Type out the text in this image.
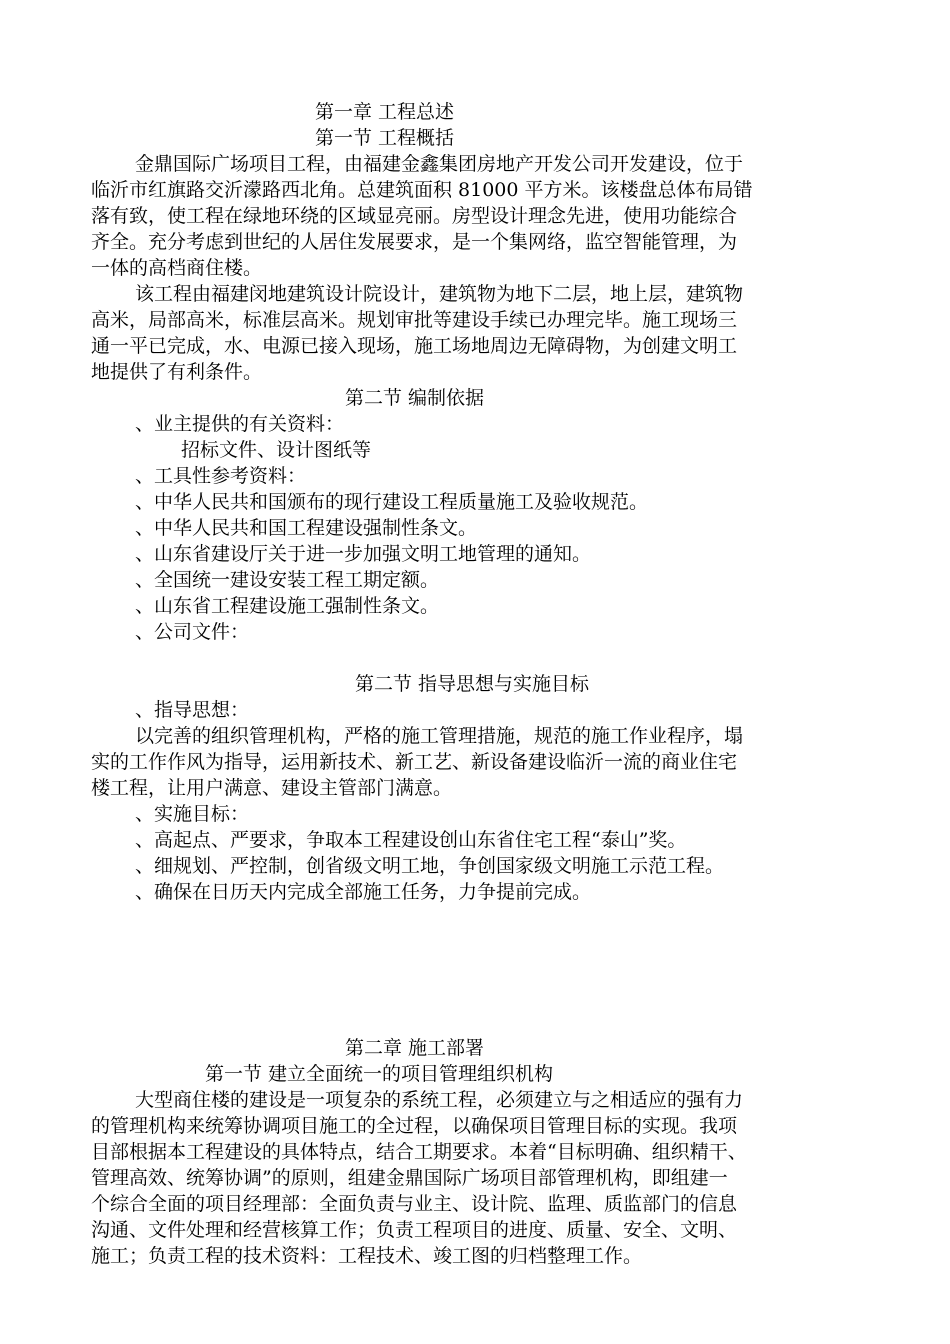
第一章 工程总述
第一节 工程概括
金鼎国际广场项目工程，由福建金鑫集团房地产开发公司开发建设，位于
临沂市红旗路交沂濛路西北角。总建筑面积 81000 平方米。该楼盘总体布局错
落有致，使工程在绿地环绕的区域显亮丽。房型设计理念先进，使用功能综合
齐全。充分考虑到世纪的人居住发展要求，是一个集网络，监空智能管理，为
一体的高档商住楼。
该工程由福建闵地建筑设计院设计，建筑物为地下二层，地上层，建筑物
高米，局部高米，标准层高米。规划审批等建设手续已办理完毕。施工现场三
通一平已完成，水、电源已接入现场，施工场地周边无障碍物，为创建文明工
地提供了有利条件。
第二节 编制依据
、业主提供的有关资料：
招标文件、设计图纸等
、工具性参考资料：
、中华人民共和国颁布的现行建设工程质量施工及验收规范。
、中华人民共和国工程建设强制性条文。
、山东省建设厅关于进一步加强文明工地管理的通知。
、全国统一建设安装工程工期定额。
、山东省工程建设施工强制性条文。
、公司文件：
第二节 指导思想与实施目标
、指导思想：
以完善的组织管理机构，严格的施工管理措施，规范的施工作业程序，塌
实的工作作风为指导，运用新技术、新工艺、新设备建设临沂一流的商业住宅
楼工程，让用户满意、建设主管部门满意。
、实施目标：
、高起点、严要求，争取本工程建设创山东省住宅工程“泰山”奖。
、细规划、严控制，创省级文明工地，争创国家级文明施工示范工程。
、确保在日历天内完成全部施工任务，力争提前完成。
第二章 施工部署
第一节 建立全面统一的项目管理组织机构
大型商住楼的建设是一项复杂的系统工程，必须建立与之相适应的强有力
的管理机构来统筹协调项目施工的全过程，以确保项目管理目标的实现。我项
目部根据本工程建设的具体特点，结合工期要求。本着“目标明确、组织精干、
管理高效、统筹协调”的原则，组建金鼎国际广场项目部管理机构，即组建一
个综合全面的项目经理部：全面负责与业主、设计院、监理、质监部门的信息
沟通、文件处理和经营核算工作；负责工程项目的进度、质量、安全、文明、
施工；负责工程的技术资料：工程技术、竣工图的归档整理工作。
